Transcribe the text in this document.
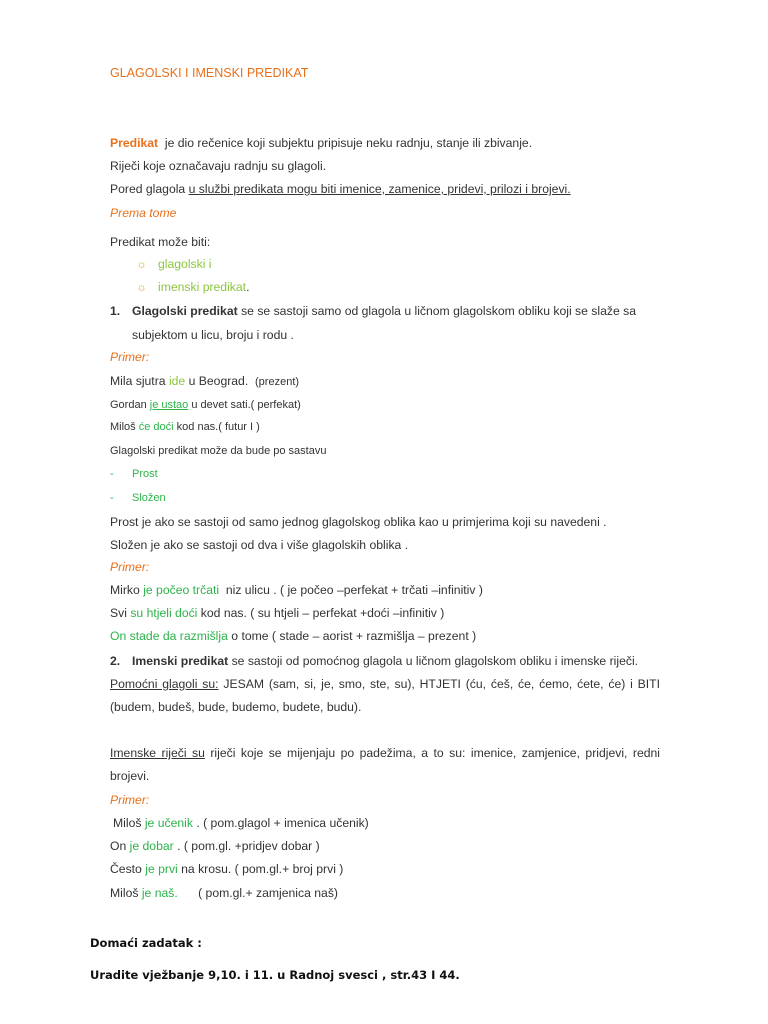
GLAGOLSKI I IMENSKI PREDIKAT
Predikat je dio rečenice koji subjektu pripisuje neku radnju, stanje ili zbivanje.
Riječi koje označavaju radnju su glagoli.
Pored glagola u službi predikata mogu biti imenice, zamenice, pridevi, prilozi i brojevi.
Prema tome
Predikat može biti:
☼ glagolski i
☼ imenski predikat.
1. Glagolski predikat se se sastoji samo od glagola u ličnom glagolskom obliku koji se slaže sa
subjektom u licu, broju i rodu .
Primer:
Mila sjutra ide u Beograd. (prezent)
Gordan je ustao u devet sati.( perfekat)
Miloš će doći kod nas.( futur I )
Glagolski predikat može da bude po sastavu
- Prost
- Složen
Prost je ako se sastoji od samo jednog glagolskog oblika kao u primjerima koji su navedeni .
Složen je ako se sastoji od dva i više glagolskih oblika .
Primer:
Mirko je počeo trčati niz ulicu . ( je počeo –perfekat + trčati –infinitiv )
Svi su htjeli doći kod nas. ( su htjeli – perfekat +doći –infinitiv )
On stade da razmišlja o tome ( stade – aorist + razmišlja – prezent )
2. Imenski predikat se sastoji od pomoćnog glagola u ličnom glagolskom obliku i imenske riječi.
Pomoćni glagoli su: JESAM (sam, si, je, smo, ste, su), HTJETI (ću, ćeš, će, ćemo, ćete, će) i BITI
(budem, budeš, bude, budemo, budete, budu).
Imenske riječi su riječi koje se mijenjaju po padežima, a to su: imenice, zamjenice, pridjevi, redni
brojevi.
Primer:
Miloš je učenik . ( pom.glagol + imenica učenik)
On je dobar . ( pom.gl. +pridjev dobar )
Često je prvi na krosu. ( pom.gl.+ broj prvi )
Miloš je naš. ( pom.gl.+ zamjenica naš)
Domaći zadatak :
Uradite vježbanje 9,10. i 11. u Radnoj svesci , str.43 I 44.
